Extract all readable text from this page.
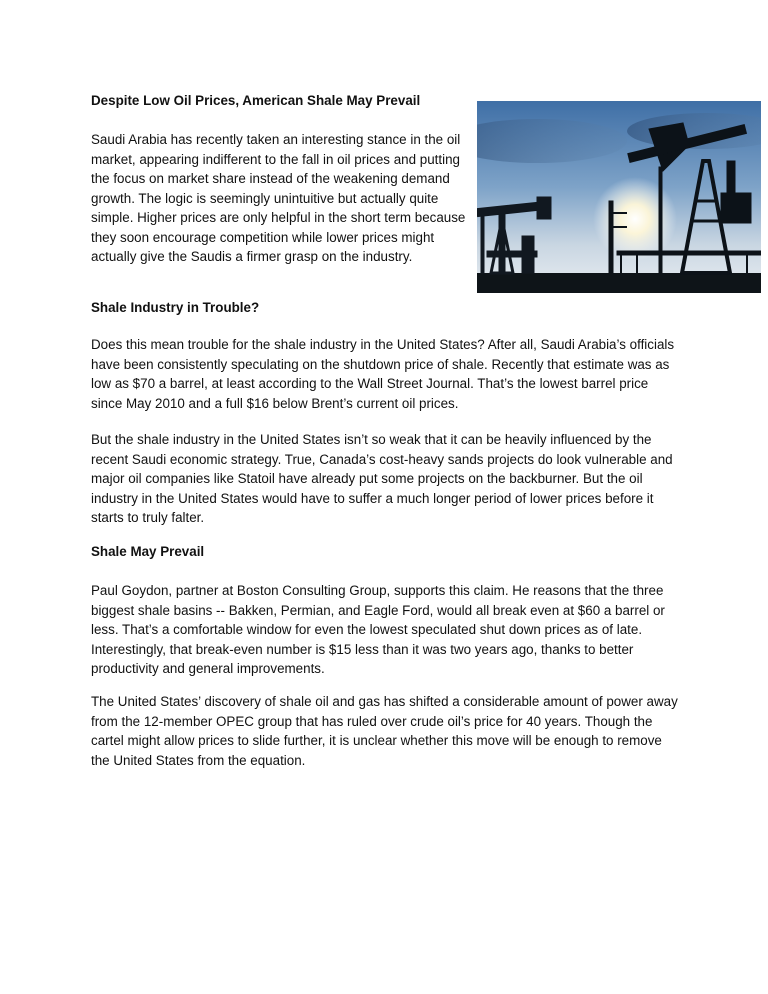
Despite Low Oil Prices, American Shale May Prevail

Saudi Arabia has recently taken an interesting stance in the oil market, appearing indifferent to the fall in oil prices and putting the focus on market share instead of the weakening demand growth. The logic is seemingly unintuitive but actually quite simple. Higher prices are only helpful in the short term because they soon encourage competition while lower prices might actually give the Saudis a firmer grasp on the industry.

Shale Industry in Trouble?

Does this mean trouble for the shale industry in the United States? After all, Saudi Arabia’s officials have been consistently speculating on the shutdown price of shale. Recently that estimate was as low as $70 a barrel, at least according to the Wall Street Journal. That’s the lowest barrel price since May 2010 and a full $16 below Brent’s current oil prices.

But the shale industry in the United States isn’t so weak that it can be heavily influenced by the recent Saudi economic strategy. True, Canada’s cost-heavy sands projects do look vulnerable and major oil companies like Statoil have already put some projects on the backburner. But the oil industry in the United States would have to suffer a much longer period of lower prices before it starts to truly falter.

Shale May Prevail

Paul Goydon, partner at Boston Consulting Group, supports this claim. He reasons that the three biggest shale basins -- Bakken, Permian, and Eagle Ford, would all break even at $60 a barrel or less. That’s a comfortable window for even the lowest speculated shut down prices as of late. Interestingly, that break-even number is $15 less than it was two years ago, thanks to better productivity and general improvements.

The United States’ discovery of shale oil and gas has shifted a considerable amount of power away from the 12-member OPEC group that has ruled over crude oil’s price for 40 years. Though the cartel might allow prices to slide further, it is unclear whether this move will be enough to remove the United States from the equation.
